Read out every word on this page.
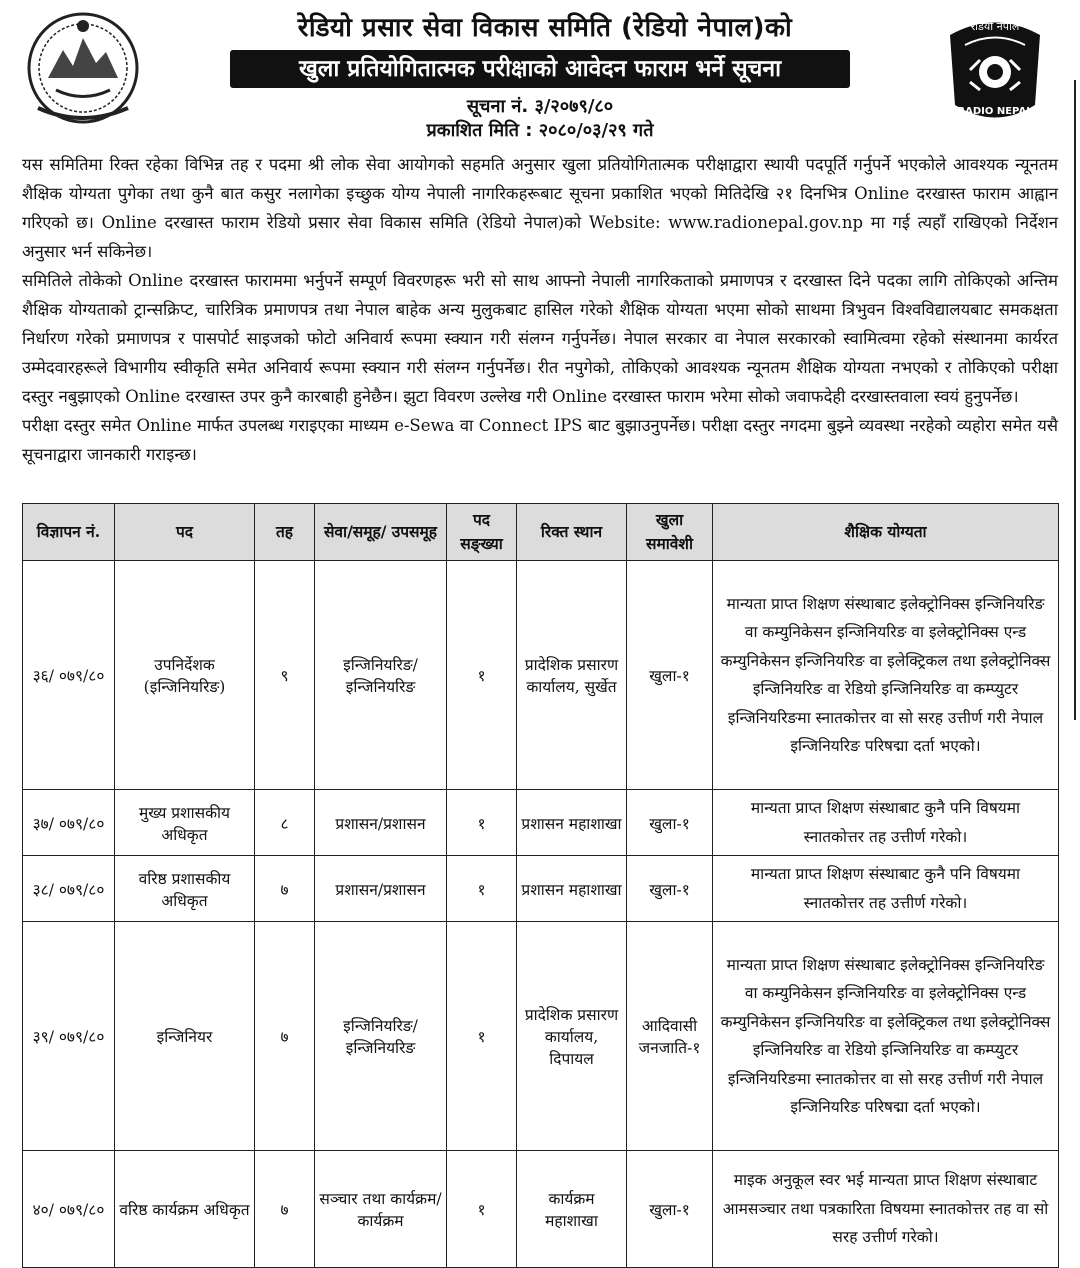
रेडियो प्रसार सेवा विकास समिति (रेडियो नेपाल)को
खुला प्रतियोगितात्मक परीक्षाको आवेदन फाराम भर्ने सूचना
सूचना नं. ३/२०७९/८०
प्रकाशित मिति : २०८०/०३/२९ गते
रेडियो नेपाल
RADIO NEPAL

यस समितिमा रिक्त रहेका विभिन्न तह र पदमा श्री लोक सेवा आयोगको सहमति अनुसार खुला प्रतियोगितात्मक परीक्षाद्वारा स्थायी पदपूर्ति गर्नुपर्ने भएकोले आवश्यक न्यूनतम शैक्षिक योग्यता पुगेका तथा कुनै बात कसुर नलागेका इच्छुक योग्य नेपाली नागरिकहरूबाट सूचना प्रकाशित भएको मितिदेखि २१ दिनभित्र Online दरखास्त फाराम आह्वान गरिएको छ। Online दरखास्त फाराम रेडियो प्रसार सेवा विकास समिति (रेडियो नेपाल)को Website: www.radionepal.gov.np मा गई त्यहाँ राखिएको निर्देशन अनुसार भर्न सकिनेछ।

समितिले तोकेको Online दरखास्त फाराममा भर्नुपर्ने सम्पूर्ण विवरणहरू भरी सो साथ आफ्नो नेपाली नागरिकताको प्रमाणपत्र र दरखास्त दिने पदका लागि तोकिएको अन्तिम शैक्षिक योग्यताको ट्रान्सक्रिप्ट, चारित्रिक प्रमाणपत्र तथा नेपाल बाहेक अन्य मुलुकबाट हासिल गरेको शैक्षिक योग्यता भएमा सोको साथमा त्रिभुवन विश्वविद्यालयबाट समकक्षता निर्धारण गरेको प्रमाणपत्र र पासपोर्ट साइजको फोटो अनिवार्य रूपमा स्क्यान गरी संलग्न गर्नुपर्नेछ। नेपाल सरकार वा नेपाल सरकारको स्वामित्वमा रहेको संस्थानमा कार्यरत उम्मेदवारहरूले विभागीय स्वीकृति समेत अनिवार्य रूपमा स्क्यान गरी संलग्न गर्नुपर्नेछ। रीत नपुगेको, तोकिएको आवश्यक न्यूनतम शैक्षिक योग्यता नभएको र तोकिएको परीक्षा दस्तुर नबुझाएको Online दरखास्त उपर कुनै कारबाही हुनेछैन। झुटा विवरण उल्लेख गरी Online दरखास्त फाराम भरेमा सोको जवाफदेही दरखास्तवाला स्वयं हुनुपर्नेछ।

परीक्षा दस्तुर समेत Online मार्फत उपलब्ध गराइएका माध्यम e-Sewa वा Connect IPS बाट बुझाउनुपर्नेछ। परीक्षा दस्तुर नगदमा बुझ्ने व्यवस्था नरहेको व्यहोरा समेत यसै सूचनाद्वारा जानकारी गराइन्छ।

विज्ञापन नं.	पद	तह	सेवा/समूह/ उपसमूह	पद सङ्ख्या	रिक्त स्थान	खुला समावेशी	शैक्षिक योग्यता
३६/ ०७९/८०	उपनिर्देशक (इन्जिनियरिङ)	९	इन्जिनियरिङ/ इन्जिनियरिङ	१	प्रादेशिक प्रसारण कार्यालय, सुर्खेत	खुला-१	मान्यता प्राप्त शिक्षण संस्थाबाट इलेक्ट्रोनिक्स इन्जिनियरिङ वा कम्युनिकेसन इन्जिनियरिङ वा इलेक्ट्रोनिक्स एन्ड कम्युनिकेसन इन्जिनियरिङ वा इलेक्ट्रिकल तथा इलेक्ट्रोनिक्स इन्जिनियरिङ वा रेडियो इन्जिनियरिङ वा कम्प्युटर इन्जिनियरिङमा स्नातकोत्तर वा सो सरह उत्तीर्ण गरी नेपाल इन्जिनियरिङ परिषद्मा दर्ता भएको।
३७/ ०७९/८०	मुख्य प्रशासकीय अधिकृत	८	प्रशासन/प्रशासन	१	प्रशासन महाशाखा	खुला-१	मान्यता प्राप्त शिक्षण संस्थाबाट कुनै पनि विषयमा स्नातकोत्तर तह उत्तीर्ण गरेको।
३८/ ०७९/८०	वरिष्ठ प्रशासकीय अधिकृत	७	प्रशासन/प्रशासन	१	प्रशासन महाशाखा	खुला-१	मान्यता प्राप्त शिक्षण संस्थाबाट कुनै पनि विषयमा स्नातकोत्तर तह उत्तीर्ण गरेको।
३९/ ०७९/८०	इन्जिनियर	७	इन्जिनियरिङ/ इन्जिनियरिङ	१	प्रादेशिक प्रसारण कार्यालय, दिपायल	आदिवासी जनजाति-१	मान्यता प्राप्त शिक्षण संस्थाबाट इलेक्ट्रोनिक्स इन्जिनियरिङ वा कम्युनिकेसन इन्जिनियरिङ वा इलेक्ट्रोनिक्स एन्ड कम्युनिकेसन इन्जिनियरिङ वा इलेक्ट्रिकल तथा इलेक्ट्रोनिक्स इन्जिनियरिङ वा रेडियो इन्जिनियरिङ वा कम्प्युटर इन्जिनियरिङमा स्नातकोत्तर वा सो सरह उत्तीर्ण गरी नेपाल इन्जिनियरिङ परिषद्मा दर्ता भएको।
४०/ ०७९/८०	वरिष्ठ कार्यक्रम अधिकृत	७	सञ्चार तथा कार्यक्रम/ कार्यक्रम	१	कार्यक्रम महाशाखा	खुला-१	माइक अनुकूल स्वर भई मान्यता प्राप्त शिक्षण संस्थाबाट आमसञ्चार तथा पत्रकारिता विषयमा स्नातकोत्तर तह वा सो सरह उत्तीर्ण गरेको।
